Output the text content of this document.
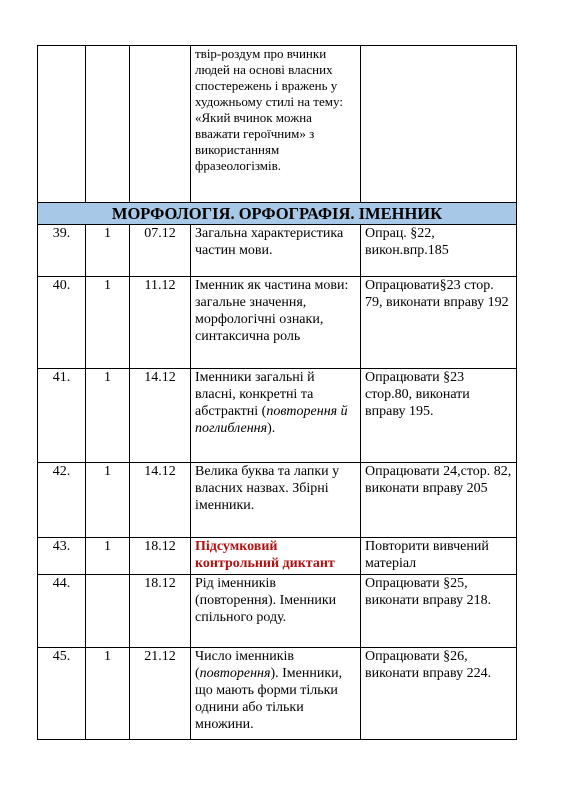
			твір-роздум про вчинки людей на основі власних спостережень і вражень у художньому стилі на тему: «Який вчинок можна вважати героїчним» з використанням фразеологізмів.	
МОРФОЛОГІЯ. ОРФОГРАФІЯ. ІМЕННИК				
39.	1	07.12	Загальна характеристика частин мови.	Опрац. §22, викон.впр.185
40.	1	11.12	Іменник як частина мови: загальне значення, морфологічні ознаки, синтаксична роль	Опрацювати§23 стор. 79, виконати вправу 192
41.	1	14.12	Іменники загальні й власні, конкретні та абстрактні (повторення й поглиблення).	Опрацювати §23 стор.80, виконати вправу 195.
42.	1	14.12	Велика буква та лапки у власних назвах. Збірні іменники.	Опрацювати 24,стор. 82, виконати вправу 205
43.	1	18.12	Підсумковий контрольний диктант	Повторити вивчений матеріал
44.		18.12	Рід іменників (повторення). Іменники спільного роду.	Опрацювати §25, виконати вправу 218.
45.	1	21.12	Число іменників (повторення). Іменники, що мають форми тільки однини або тільки множини.	Опрацювати §26, виконати вправу 224.
